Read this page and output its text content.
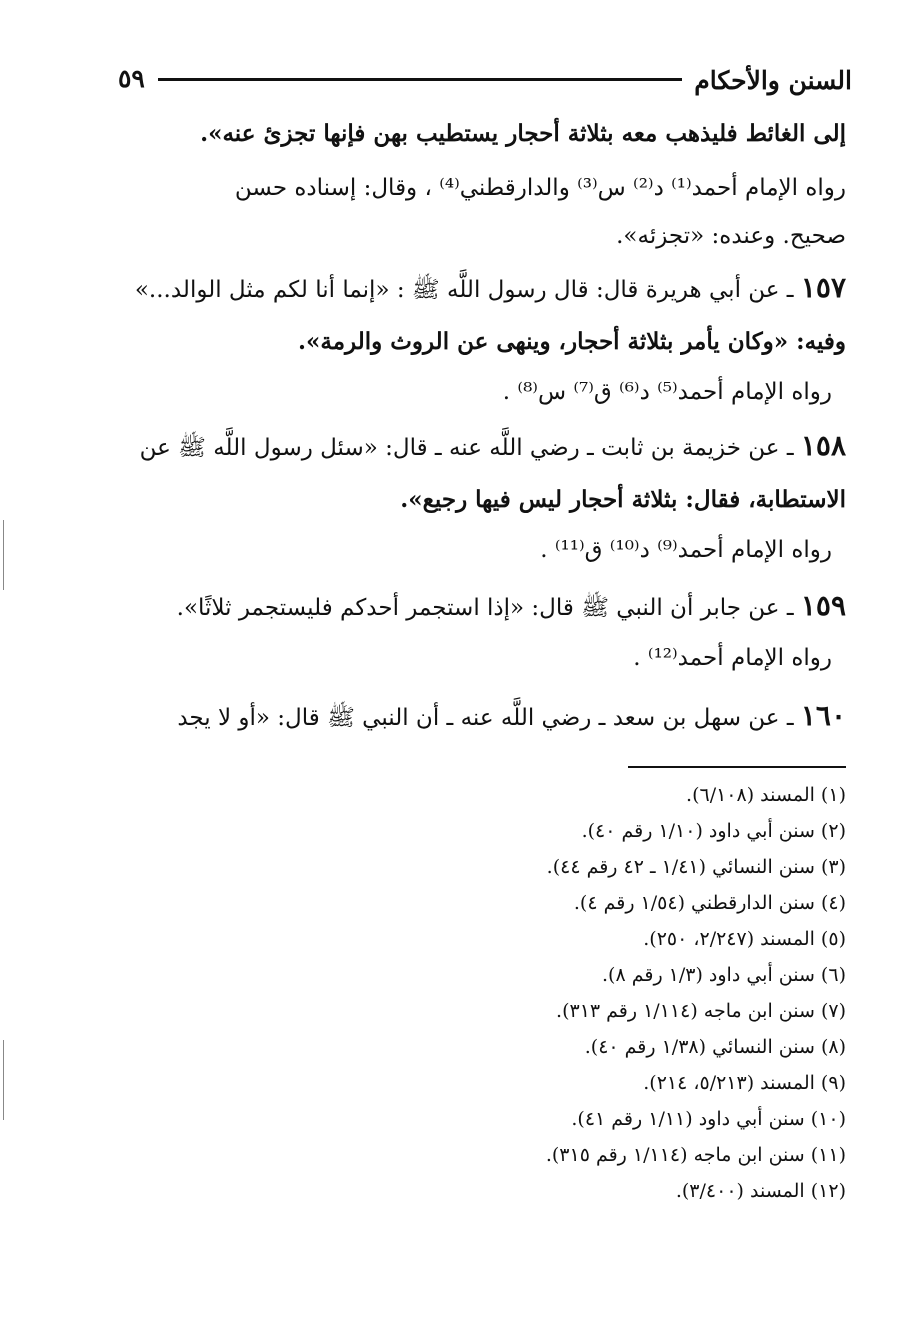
السنن والأحكام
٥٩
إلى الغائط فليذهب معه بثلاثة أحجار يستطيب بهن فإنها تجزئ عنه».
رواه الإمام أحمد⁽¹⁾ د⁽²⁾ س⁽³⁾ والدارقطني⁽⁴⁾ ، وقال: إسناده حسن
صحيح. وعنده: «تجزئه».
١٥٧ ـ عن أبي هريرة قال: قال رسول اللَّه ﷺ : «إنما أنا لكم مثل الوالد...»
وفيه: «وكان يأمر بثلاثة أحجار، وينهى عن الروث والرمة».
رواه الإمام أحمد⁽⁵⁾ د⁽⁶⁾ ق⁽⁷⁾ س⁽⁸⁾ .
١٥٨ ـ عن خزيمة بن ثابت ـ رضي اللَّه عنه ـ قال: «سئل رسول اللَّه ﷺ عن
الاستطابة، فقال: بثلاثة أحجار ليس فيها رجيع».
رواه الإمام أحمد⁽⁹⁾ د⁽¹⁰⁾ ق⁽¹¹⁾ .
١٥٩ ـ عن جابر أن النبي ﷺ قال: «إذا استجمر أحدكم فليستجمر ثلاثًا».
رواه الإمام أحمد⁽¹²⁾ .
١٦٠ ـ عن سهل بن سعد ـ رضي اللَّه عنه ـ أن النبي ﷺ قال: «أو لا يجد
(١) المسند (٦/١٠٨).
(٢) سنن أبي داود (١/١٠ رقم ٤٠).
(٣) سنن النسائي (١/٤١ ـ ٤٢ رقم ٤٤).
(٤) سنن الدارقطني (١/٥٤ رقم ٤).
(٥) المسند (٢/٢٤٧، ٢٥٠).
(٦) سنن أبي داود (١/٣ رقم ٨).
(٧) سنن ابن ماجه (١/١١٤ رقم ٣١٣).
(٨) سنن النسائي (١/٣٨ رقم ٤٠).
(٩) المسند (٥/٢١٣، ٢١٤).
(١٠) سنن أبي داود (١/١١ رقم ٤١).
(١١) سنن ابن ماجه (١/١١٤ رقم ٣١٥).
(١٢) المسند (٣/٤٠٠).
